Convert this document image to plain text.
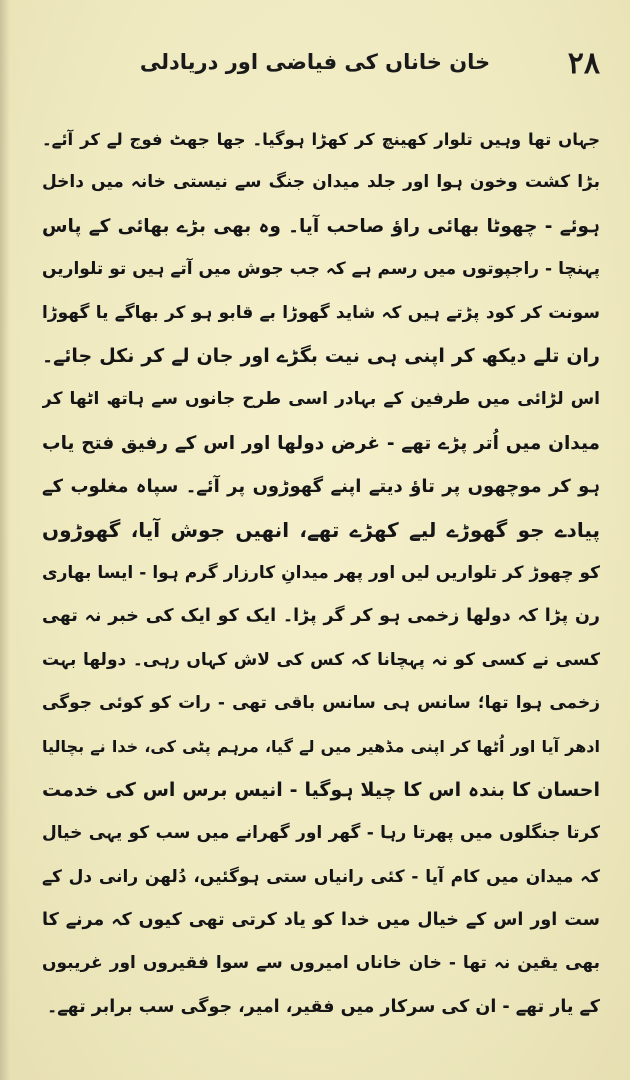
۲۸
خان خاناں کی فیاضی اور دریادلی
جہاں تھا وہیں تلوار کھینچ کر کھڑا ہوگیا۔ جھا جھٹ فوج لے کر آئے۔
بڑا کشت وخون ہوا اور جلد میدان جنگ سے نیستی خانہ میں داخل
ہوئے - چھوٹا بھائی راؤ صاحب آیا۔ وہ بھی بڑے بھائی کے پاس
پہنچا - راجپوتوں میں رسم ہے کہ جب جوش میں آتے ہیں تو تلواریں
سونت کر کود پڑتے ہیں کہ شاید گھوڑا بے قابو ہو کر بھاگے یا گھوڑا
ران تلے دیکھ کر اپنی ہی نیت بگڑے اور جان لے کر نکل جائے۔
اس لڑائی میں طرفین کے بہادر اسی طرح جانوں سے ہاتھ اٹھا کر
میدان میں اُتر پڑے تھے - غرض دولھا اور اس کے رفیق فتح یاب
ہو کر موچھوں پر تاؤ دیتے اپنے گھوڑوں پر آئے۔ سپاہ مغلوب کے
پیادے جو گھوڑے لیے کھڑے تھے، انھیں جوش آیا، گھوڑوں
کو چھوڑ کر تلواریں لیں اور پھر میدانِ کارزار گرم ہوا - ایسا بھاری
رن پڑا کہ دولھا زخمی ہو کر گر پڑا۔ ایک کو ایک کی خبر نہ تھی
کسی نے کسی کو نہ پہچانا کہ کس کی لاش کہاں رہی۔ دولھا بہت
زخمی ہوا تھا؛ سانس ہی سانس باقی تھی - رات کو کوئی جوگی
ادھر آیا اور اُٹھا کر اپنی مڈھیر میں لے گیا، مرہم پٹی کی، خدا نے بچالیا
احسان کا بندہ اس کا چیلا ہوگیا - انیس برس اس کی خدمت
کرتا جنگلوں میں پھرتا رہا - گھر اور گھرانے میں سب کو یہی خیال
کہ میدان میں کام آیا - کئی رانیاں ستی ہوگئیں، دُلھن رانی دل کے
ست اور اس کے خیال میں خدا کو یاد کرتی تھی کیوں کہ مرنے کا
بھی یقین نہ تھا - خان خاناں امیروں سے سوا فقیروں اور غریبوں
کے یار تھے - ان کی سرکار میں فقیر، امیر، جوگی سب برابر تھے۔
